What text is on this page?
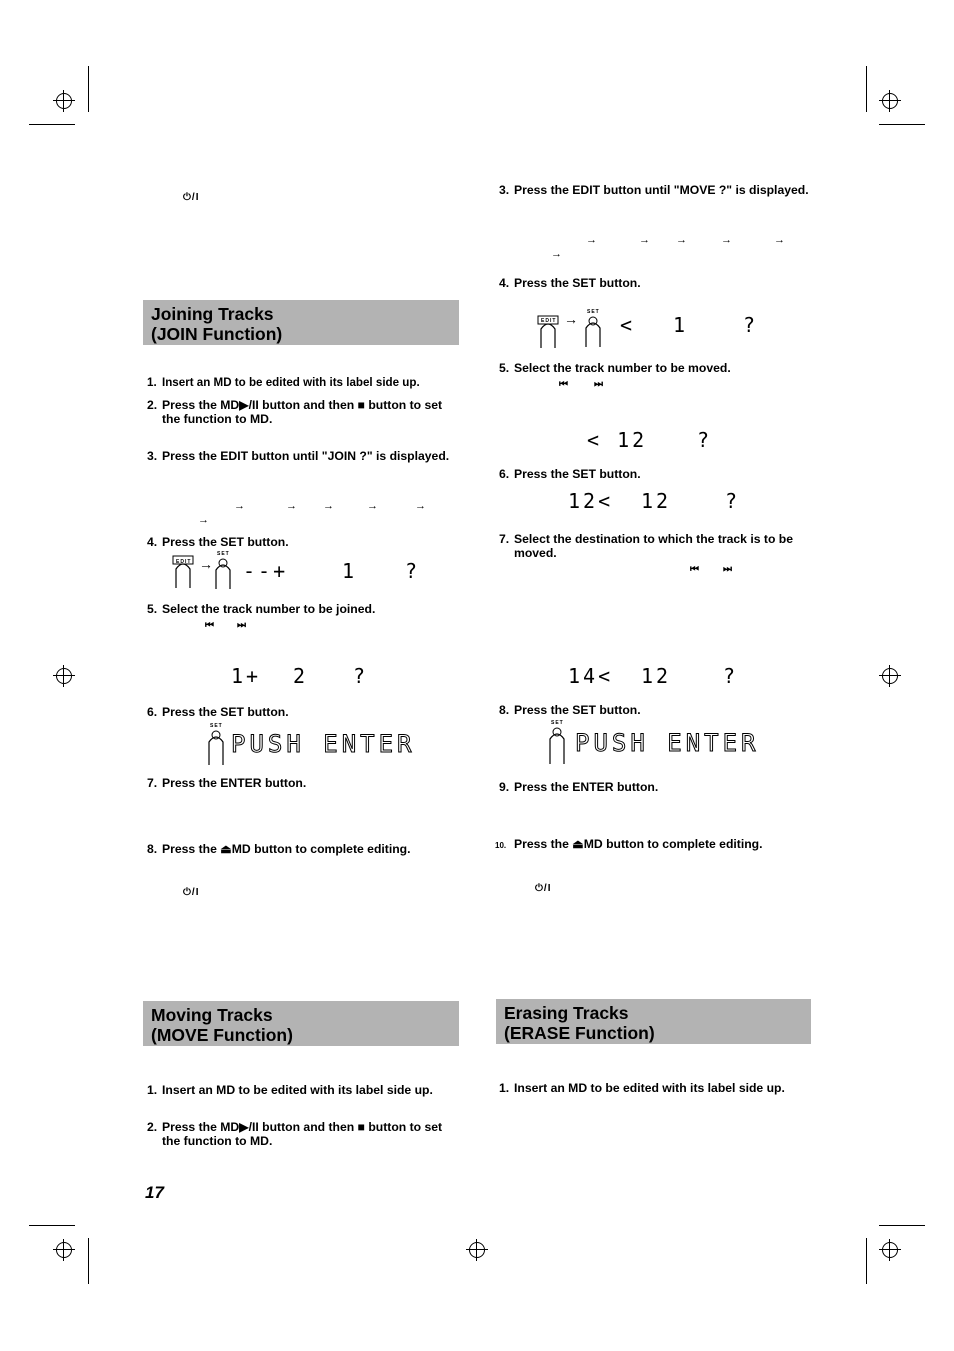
⏻/I
⏻/I	⏻/I
Joining Tracks
(JOIN Function)
1. Insert an MD to be edited with its label side up.
2. Press the MD▶/II button and then ■ button to set the function to MD.
3. Press the EDIT button until "JOIN ?" is displayed.
→	→ →	→	→
→
4. Press the SET button.
EDIT →
SET
--+	1 ?
5. Select the track number to be joined.
⏮ ⏭
1+ 2 ?
6. Press the SET button.
SET
PUSH ENTER
7. Press the ENTER button.
8. Press the ⏏MD button to complete editing.
3. Press the EDIT button until "MOVE ?" is displayed.
→	→ →	→	→
→
4. Press the SET button.
EDIT → SET
< 1	?
5. Select the track number to be moved.
⏮	⏭
< 12 ?
6. Press the SET button.
12< 12	?
7. Select the destination to which the track is to be moved.
⏮ ⏭
14< 12	?
8. Press the SET button.
SET
PUSH ENTER
9. Press the ENTER button.
10. Press the ⏏MD button to complete editing.
Moving Tracks
(MOVE Function)
1. Insert an MD to be edited with its label side up.
2. Press the MD▶/II button and then ■ button to set the function to MD.
Erasing Tracks
(ERASE Function)
1. Insert an MD to be edited with its label side up.
17
